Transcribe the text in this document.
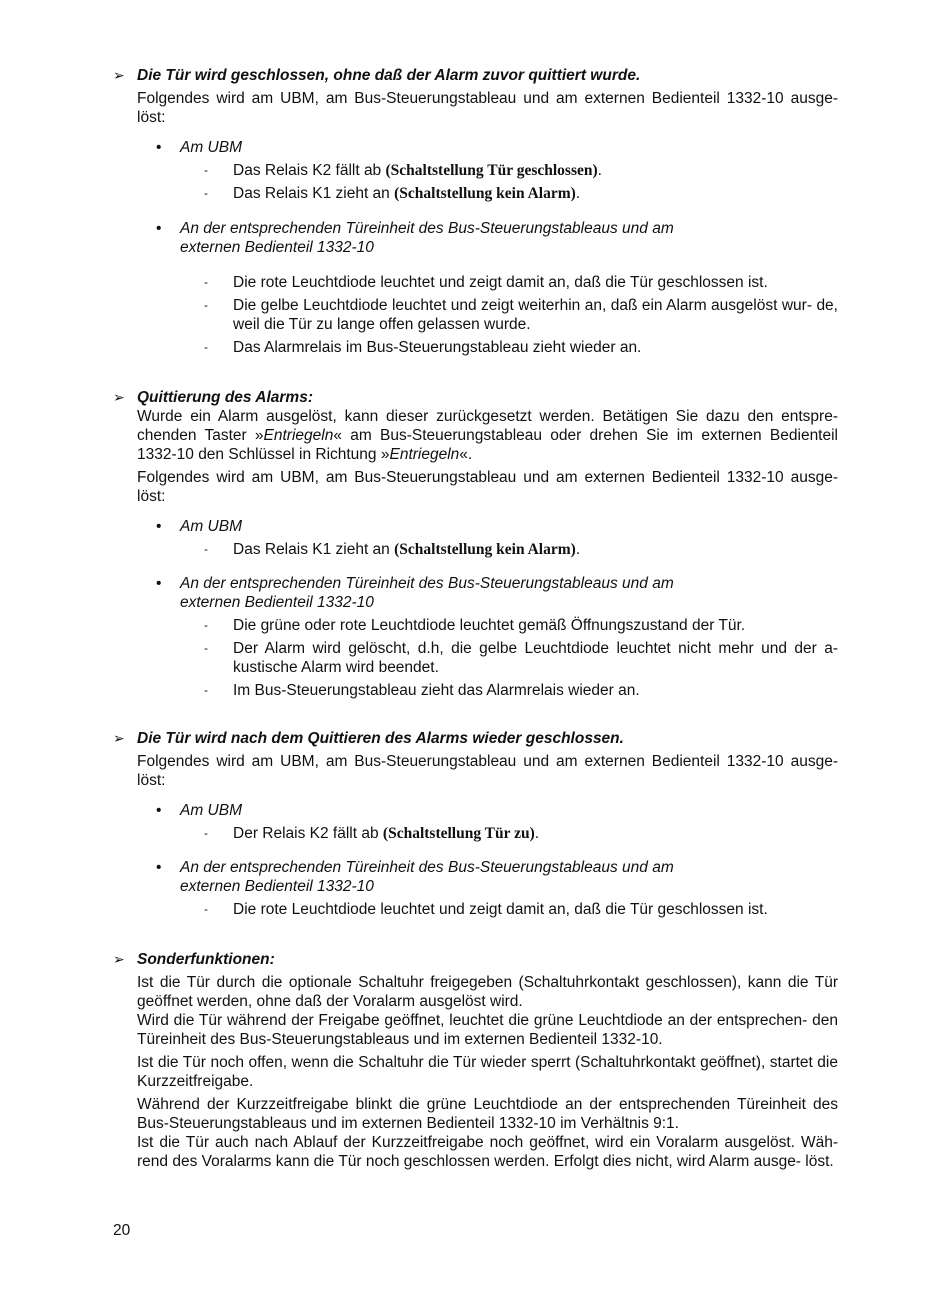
➢ Die Tür wird geschlossen, ohne daß der Alarm zuvor quittiert wurde.
Folgendes wird am UBM, am Bus-Steuerungstableau und am externen Bedienteil 1332-10 ausge- löst:
• Am UBM
- Das Relais K2 fällt ab (Schaltstellung Tür geschlossen).
- Das Relais K1 zieht an (Schaltstellung kein Alarm).
• An der entsprechenden Türeinheit des Bus-Steuerungstableaus und am externen Bedienteil 1332-10
- Die rote Leuchtdiode leuchtet und zeigt damit an, daß die Tür geschlossen ist.
- Die gelbe Leuchtdiode leuchtet und zeigt weiterhin an, daß ein Alarm ausgelöst wur- de, weil die Tür zu lange offen gelassen wurde.
- Das Alarmrelais im Bus-Steuerungstableau zieht wieder an.
➢ Quittierung des Alarms:
Wurde ein Alarm ausgelöst, kann dieser zurückgesetzt werden. Betätigen Sie dazu den entspre- chenden Taster »Entriegeln« am Bus-Steuerungstableau oder drehen Sie im externen Bedienteil 1332-10 den Schlüssel in Richtung »Entriegeln«.
Folgendes wird am UBM, am Bus-Steuerungstableau und am externen Bedienteil 1332-10 ausge- löst:
• Am UBM
- Das Relais K1 zieht an (Schaltstellung kein Alarm).
• An der entsprechenden Türeinheit des Bus-Steuerungstableaus und am externen Bedienteil 1332-10
- Die grüne oder rote Leuchtdiode leuchtet gemäß Öffnungszustand der Tür.
- Der Alarm wird gelöscht, d.h, die gelbe Leuchtdiode leuchtet nicht mehr und der a- kustische Alarm wird beendet.
- Im Bus-Steuerungstableau zieht das Alarmrelais wieder an.
➢ Die Tür wird nach dem Quittieren des Alarms wieder geschlossen.
Folgendes wird am UBM, am Bus-Steuerungstableau und am externen Bedienteil 1332-10 ausge- löst:
• Am UBM
- Der Relais K2 fällt ab (Schaltstellung Tür zu).
• An der entsprechenden Türeinheit des Bus-Steuerungstableaus und am externen Bedienteil 1332-10
- Die rote Leuchtdiode leuchtet und zeigt damit an, daß die Tür geschlossen ist.
➢ Sonderfunktionen:
Ist die Tür durch die optionale Schaltuhr freigegeben (Schaltuhrkontakt geschlossen), kann die Tür geöffnet werden, ohne daß der Voralarm ausgelöst wird.
Wird die Tür während der Freigabe geöffnet, leuchtet die grüne Leuchtdiode an der entsprechen- den Türeinheit des Bus-Steuerungstableaus und im externen Bedienteil 1332-10.
Ist die Tür noch offen, wenn die Schaltuhr die Tür wieder sperrt (Schaltuhrkontakt geöffnet), startet die Kurzzeitfreigabe.
Während der Kurzzeitfreigabe blinkt die grüne Leuchtdiode an der entsprechenden Türeinheit des Bus-Steuerungstableaus und im externen Bedienteil 1332-10 im Verhältnis 9:1.
Ist die Tür auch nach Ablauf der Kurzzeitfreigabe noch geöffnet, wird ein Voralarm ausgelöst. Wäh- rend des Voralarms kann die Tür noch geschlossen werden. Erfolgt dies nicht, wird Alarm ausge- löst.
20
